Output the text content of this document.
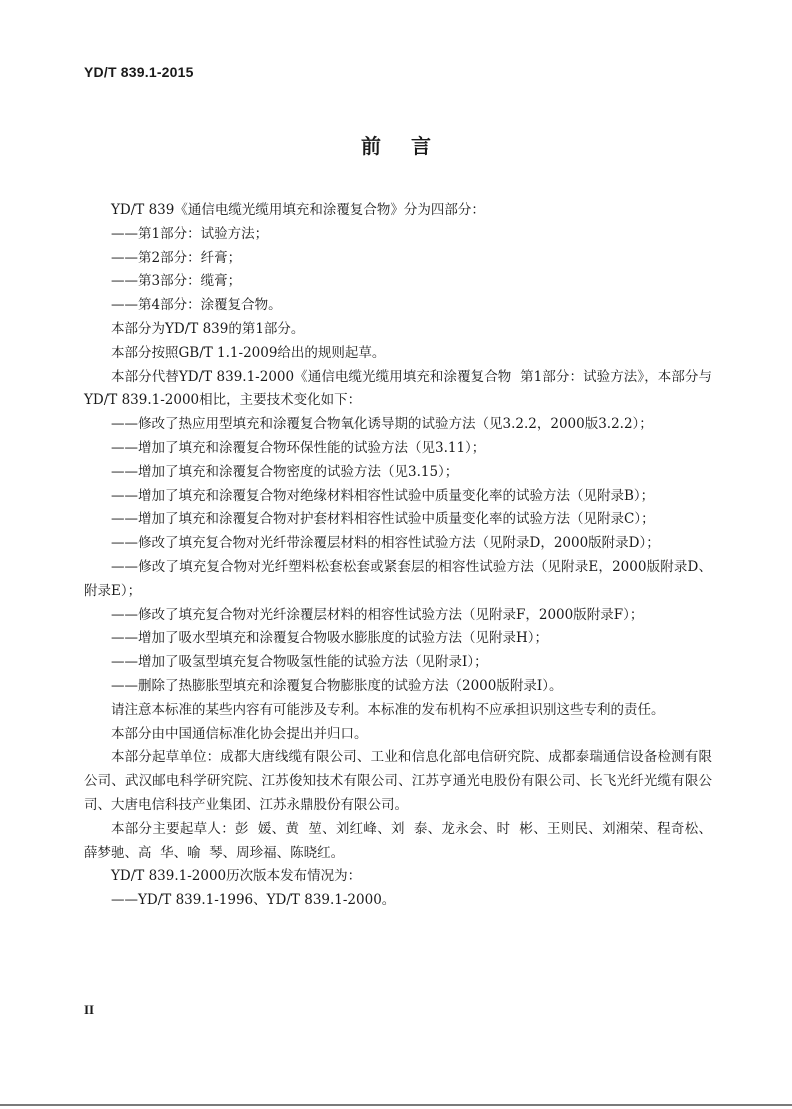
YD/T 839.1-2015
前言

YD/T 839《通信电缆光缆用填充和涂覆复合物》分为四部分：

——第1部分：试验方法；

——第2部分：纤膏；

——第3部分：缆膏；

——第4部分：涂覆复合物。

本部分为YD/T 839的第1部分。

本部分按照GB/T 1.1-2009给出的规则起草。

本部分代替YD/T 839.1-2000《通信电缆光缆用填充和涂覆复合物  第1部分：试验方法》，本部分与YD/T 839.1-2000相比，主要技术变化如下：

——修改了热应用型填充和涂覆复合物氧化诱导期的试验方法（见3.2.2，2000版3.2.2）；

——增加了填充和涂覆复合物环保性能的试验方法（见3.11）；

——增加了填充和涂覆复合物密度的试验方法（见3.15）；

——增加了填充和涂覆复合物对绝缘材料相容性试验中质量变化率的试验方法（见附录B）；

——增加了填充和涂覆复合物对护套材料相容性试验中质量变化率的试验方法（见附录C）；

——修改了填充复合物对光纤带涂覆层材料的相容性试验方法（见附录D，2000版附录D）；

——修改了填充复合物对光纤塑料松套松套或紧套层的相容性试验方法（见附录E，2000版附录D、附录E）；

——修改了填充复合物对光纤涂覆层材料的相容性试验方法（见附录F，2000版附录F）；

——增加了吸水型填充和涂覆复合物吸水膨胀度的试验方法（见附录H）；

——增加了吸氢型填充复合物吸氢性能的试验方法（见附录I）；

——删除了热膨胀型填充和涂覆复合物膨胀度的试验方法（2000版附录I）。

请注意本标准的某些内容有可能涉及专利。本标准的发布机构不应承担识别这些专利的责任。

本部分由中国通信标准化协会提出并归口。

本部分起草单位：成都大唐线缆有限公司、工业和信息化部电信研究院、成都泰瑞通信设备检测有限公司、武汉邮电科学研究院、江苏俊知技术有限公司、江苏亨通光电股份有限公司、长飞光纤光缆有限公司、大唐电信科技产业集团、江苏永鼎股份有限公司。

本部分主要起草人：彭  媛、黄  堃、刘红峰、刘  泰、龙永会、时  彬、王则民、刘湘荣、程奇松、薛梦驰、高  华、喻  琴、周珍福、陈晓红。

YD/T 839.1-2000历次版本发布情况为：

——YD/T 839.1-1996、YD/T 839.1-2000。

II
